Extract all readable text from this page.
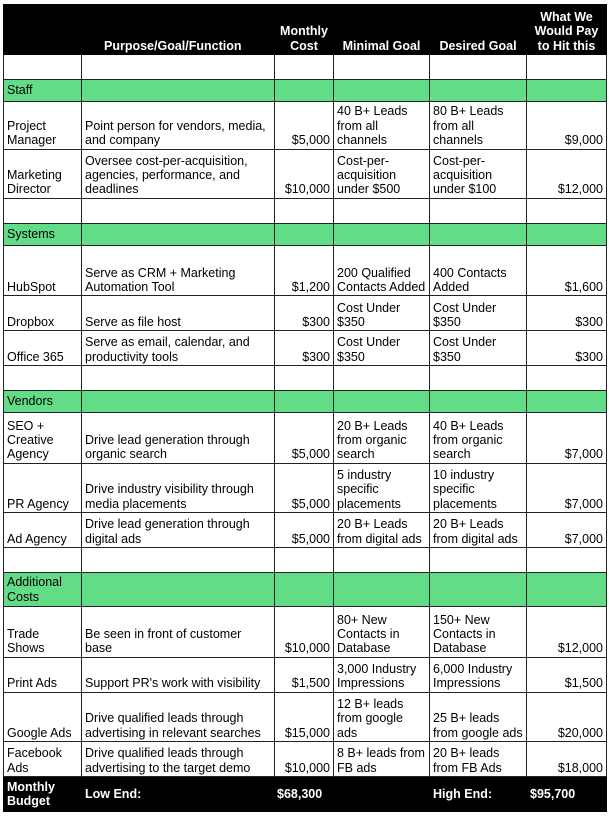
	Purpose/Goal/Function	Monthly Cost	Minimal Goal	Desired Goal	What We Would Pay to Hit this

Staff					
Project Manager	Point person for vendors, media, and company	$5,000	40 B+ Leads from all channels	80 B+ Leads from all channels	$9,000
Marketing Director	Oversee cost-per-acquisition, agencies, performance, and deadlines	$10,000	Cost-per-acquisition under $500	Cost-per-acquisition under $100	$12,000

Systems					
HubSpot	Serve as CRM + Marketing Automation Tool	$1,200	200 Qualified Contacts Added	400 Contacts Added	$1,600
Dropbox	Serve as file host	$300	Cost Under $350	Cost Under $350	$300
Office 365	Serve as email, calendar, and productivity tools	$300	Cost Under $350	Cost Under $350	$300

Vendors					
SEO + Creative Agency	Drive lead generation through organic search	$5,000	20 B+ Leads from organic search	40 B+ Leads from organic search	$7,000
PR Agency	Drive industry visibility through media placements	$5,000	5 industry specific placements	10 industry specific placements	$7,000
Ad Agency	Drive lead generation through digital ads	$5,000	20 B+ Leads from digital ads	20 B+ Leads from digital ads	$7,000

Additional Costs					
Trade Shows	Be seen in front of customer base	$10,000	80+ New Contacts in Database	150+ New Contacts in Database	$12,000
Print Ads	Support PR's work with visibility	$1,500	3,000 Industry Impressions	6,000 Industry Impressions	$1,500
Google Ads	Drive qualified leads through advertising in relevant searches	$15,000	12 B+ leads from google ads	25 B+ leads from google ads	$20,000
Facebook Ads	Drive qualified leads through advertising to the target demo	$10,000	8 B+ leads from FB ads	20 B+ leads from FB Ads	$18,000
Monthly Budget	Low End:	$68,300		High End:	$95,700
